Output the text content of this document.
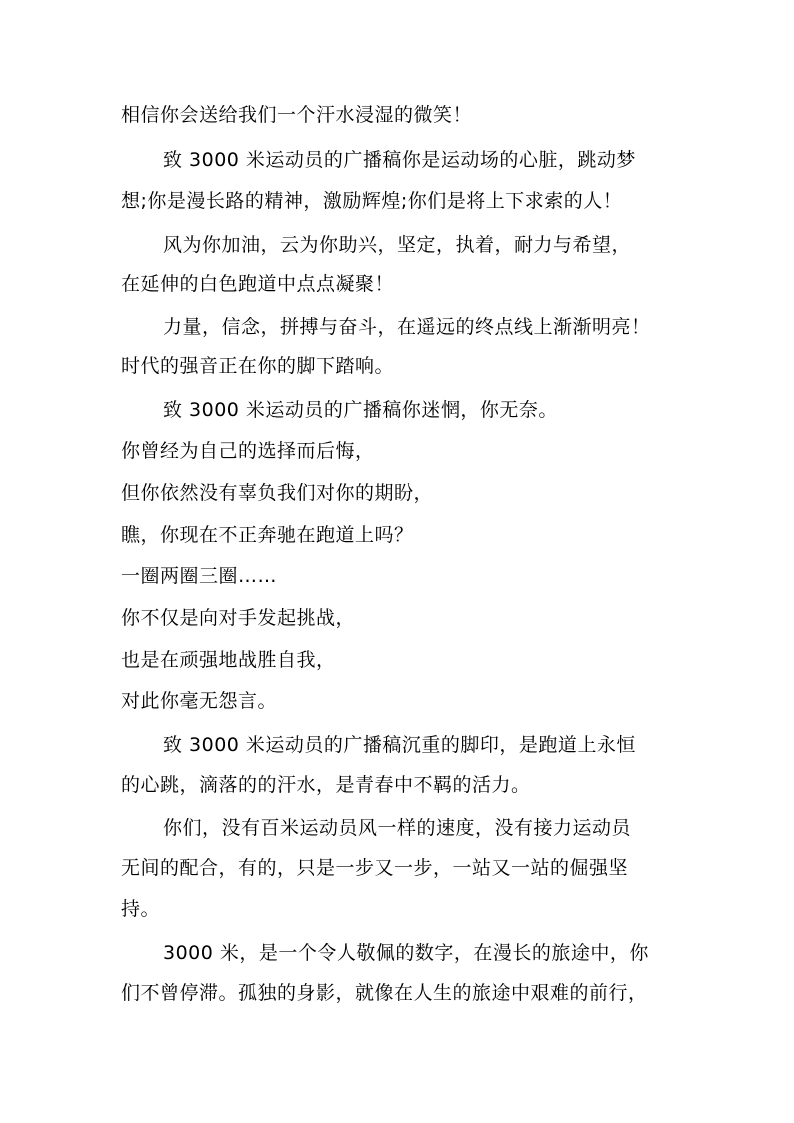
相信你会送给我们一个汗水浸湿的微笑！
致 3000 米运动员的广播稿你是运动场的心脏，跳动梦
想;你是漫长路的精神，激励辉煌;你们是将上下求索的人！
风为你加油，云为你助兴，坚定，执着，耐力与希望，
在延伸的白色跑道中点点凝聚！
力量，信念，拼搏与奋斗，在遥远的终点线上渐渐明亮！
时代的强音正在你的脚下踏响。
致 3000 米运动员的广播稿你迷惘，你无奈。
你曾经为自己的选择而后悔，
但你依然没有辜负我们对你的期盼，
瞧，你现在不正奔驰在跑道上吗？
一圈两圈三圈……
你不仅是向对手发起挑战，
也是在顽强地战胜自我，
对此你毫无怨言。
致 3000 米运动员的广播稿沉重的脚印，是跑道上永恒
的心跳，滴落的的汗水，是青春中不羁的活力。
你们，没有百米运动员风一样的速度，没有接力运动员
无间的配合，有的，只是一步又一步，一站又一站的倔强坚
持。
3000 米，是一个令人敬佩的数字，在漫长的旅途中，你
们不曾停滞。孤独的身影，就像在人生的旅途中艰难的前行，
